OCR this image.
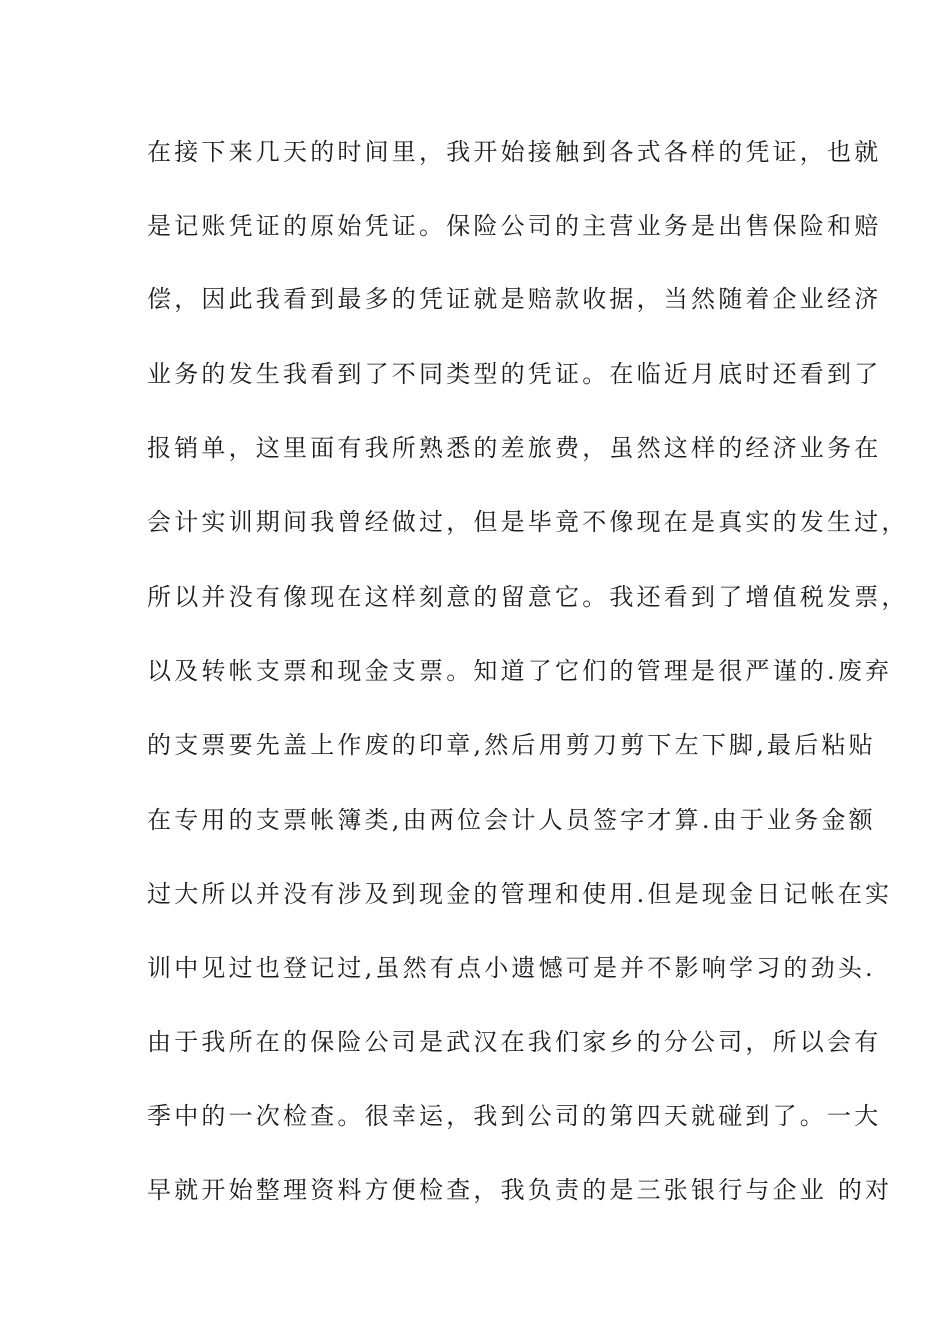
在接下来几天的时间里，我开始接触到各式各样的凭证，也就
是记账凭证的原始凭证。保险公司的主营业务是出售保险和赔
偿，因此我看到最多的凭证就是赔款收据，当然随着企业经济
业务的发生我看到了不同类型的凭证。在临近月底时还看到了
报销单，这里面有我所熟悉的差旅费，虽然这样的经济业务在
会计实训期间我曾经做过，但是毕竟不像现在是真实的发生过，
所以并没有像现在这样刻意的留意它。我还看到了增值税发票，
以及转帐支票和现金支票。知道了它们的管理是很严谨的.废弃
的支票要先盖上作废的印章,然后用剪刀剪下左下脚,最后粘贴
在专用的支票帐簿类,由两位会计人员签字才算.由于业务金额
过大所以并没有涉及到现金的管理和使用.但是现金日记帐在实
训中见过也登记过,虽然有点小遗憾可是并不影响学习的劲头.
由于我所在的保险公司是武汉在我们家乡的分公司，所以会有
季中的一次检查。很幸运，我到公司的第四天就碰到了。一大
早就开始整理资料方便检查，我负责的是三张银行与企业 的对
